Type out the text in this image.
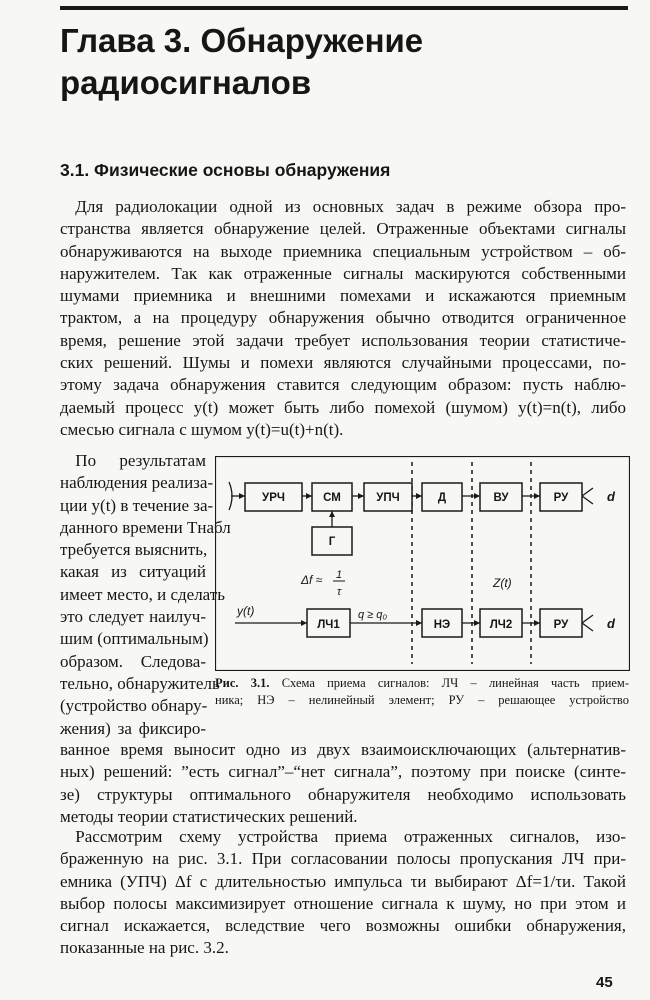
Глава 3. Обнаружение
радиосигналов
3.1. Физические основы обнаружения

Для радиолокации одной из основных задач в режиме обзора про-
странства является обнаружение целей. Отраженные объектами сигналы
обнаруживаются на выходе приемника специальным устройством – об-
наружителем. Так как отраженные сигналы маскируются собственными
шумами приемника и внешними помехами и искажаются приемным
трактом, а на процедуру обнаружения обычно отводится ограниченное
время, решение этой задачи требует использования теории статистиче-
ских решений. Шумы и помехи являются случайными процессами, по-
этому задача обнаружения ставится следующим образом: пусть наблю-
даемый процесс y(t) может быть либо помехой (шумом) y(t)=n(t), либо
смесью сигнала с шумом y(t)=u(t)+n(t).

По результатам
наблюдения реализа-
ции y(t) в течение за-
данного времени Tнабл
требуется выяснить,
какая из ситуаций
имеет место, и сделать
это следует наилуч-
шим (оптимальным)
образом. Следова-
тельно, обнаружитель
(устройство обнару-
жения) за фиксиро-

УРЧ	СМ	УПЧ	Д	ВУ	РУ
Г
ЛЧ1	НЭ	ЛЧ2	РУ
d
d
y(t)
Δf ≈ 1
τ
Z(t)
q ≥ q₀

Рис. 3.1. Схема приема сигналов: ЛЧ – линейная часть прием-
ника; НЭ – нелинейный элемент; РУ – решающее устройство

ванное время выносит одно из двух взаимоисключающих (альтернатив-
ных) решений: ”есть сигнал”–“нет сигнала”, поэтому при поиске (синте-
зе) структуры оптимального обнаружителя необходимо использовать
методы теории статистических решений.

Рассмотрим схему устройства приема отраженных сигналов, изо-
браженную на рис. 3.1. При согласовании полосы пропускания ЛЧ при-
емника (УПЧ) Δf с длительностью импульса τи выбирают Δf=1/τи. Такой
выбор полосы максимизирует отношение сигнала к шуму, но при этом и
сигнал искажается, вследствие чего возможны ошибки обнаружения,
показанные на рис. 3.2.

45
